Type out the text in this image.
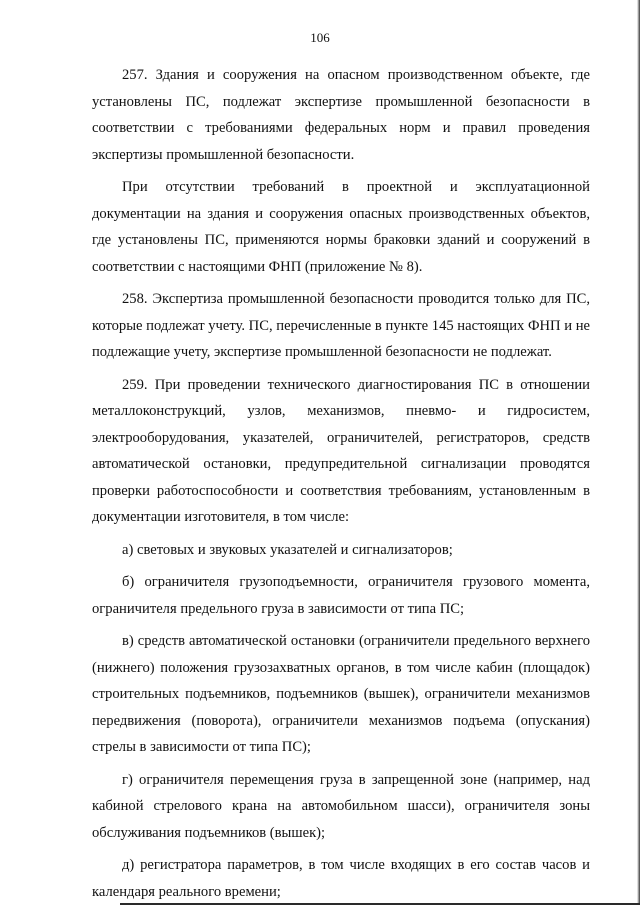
106

257. Здания и сооружения на опасном производственном объекте, где установлены ПС, подлежат экспертизе промышленной безопасности в соответствии с требованиями федеральных норм и правил проведения экспертизы промышленной безопасности.

При отсутствии требований в проектной и эксплуатационной документации на здания и сооружения опасных производственных объектов, где установлены ПС, применяются нормы браковки зданий и сооружений в соответствии с настоящими ФНП (приложение № 8).

258. Экспертиза промышленной безопасности проводится только для ПС, которые подлежат учету. ПС, перечисленные в пункте 145 настоящих ФНП и не подлежащие учету, экспертизе промышленной безопасности не подлежат.

259. При проведении технического диагностирования ПС в отношении металлоконструкций, узлов, механизмов, пневмо- и гидросистем, электрооборудования, указателей, ограничителей, регистраторов, средств автоматической остановки, предупредительной сигнализации проводятся проверки работоспособности и соответствия требованиям, установленным в документации изготовителя, в том числе:

а) световых и звуковых указателей и сигнализаторов;

б) ограничителя грузоподъемности, ограничителя грузового момента, ограничителя предельного груза в зависимости от типа ПС;

в) средств автоматической остановки (ограничители предельного верхнего (нижнего) положения грузозахватных органов, в том числе кабин (площадок) строительных подъемников, подъемников (вышек), ограничители механизмов передвижения (поворота), ограничители механизмов подъема (опускания) стрелы в зависимости от типа ПС);

г) ограничителя перемещения груза в запрещенной зоне (например, над кабиной стрелового крана на автомобильном шасси), ограничителя зоны обслуживания подъемников (вышек);

д) регистратора параметров, в том числе входящих в его состав часов и календаря реального времени;
